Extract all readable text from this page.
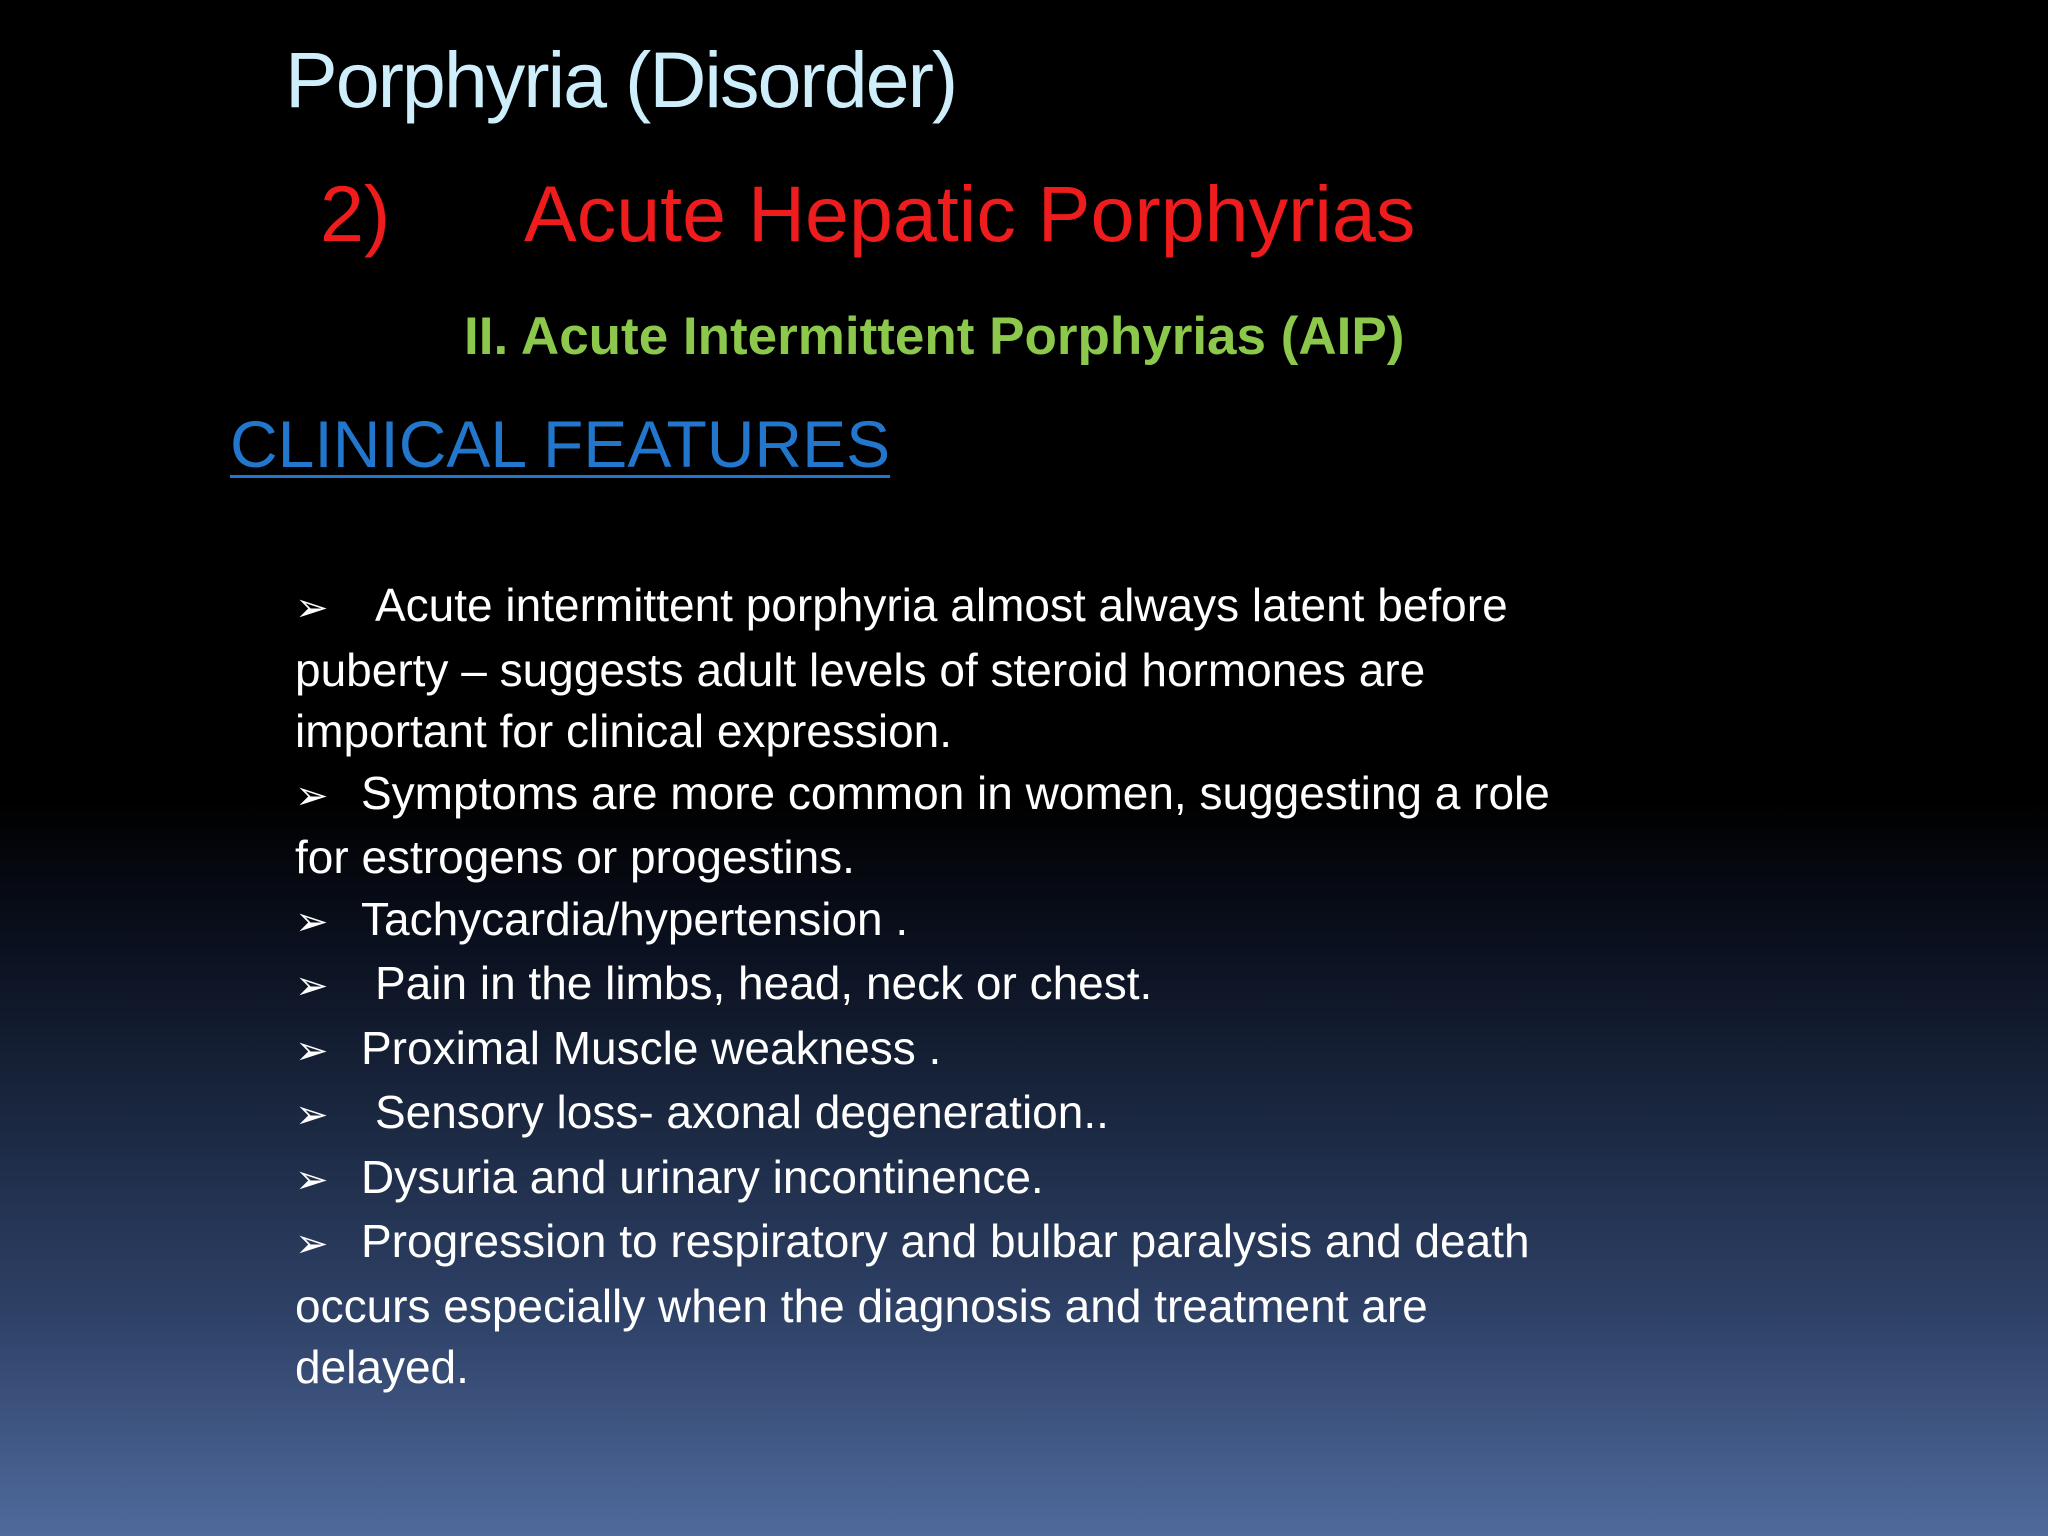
Porphyria (Disorder)
2) Acute Hepatic Porphyrias
II. Acute Intermittent Porphyrias (AIP)
CLINICAL FEATURES
➢ Acute intermittent porphyria almost always latent before
puberty – suggests adult levels of steroid hormones are
important for clinical expression.
➢ Symptoms are more common in women, suggesting a role
for estrogens or progestins.
➢ Tachycardia/hypertension .
➢ Pain in the limbs, head, neck or chest.
➢ Proximal Muscle weakness .
➢ Sensory loss- axonal degeneration..
➢ Dysuria and urinary incontinence.
➢ Progression to respiratory and bulbar paralysis and death
occurs especially when the diagnosis and treatment are
delayed.
